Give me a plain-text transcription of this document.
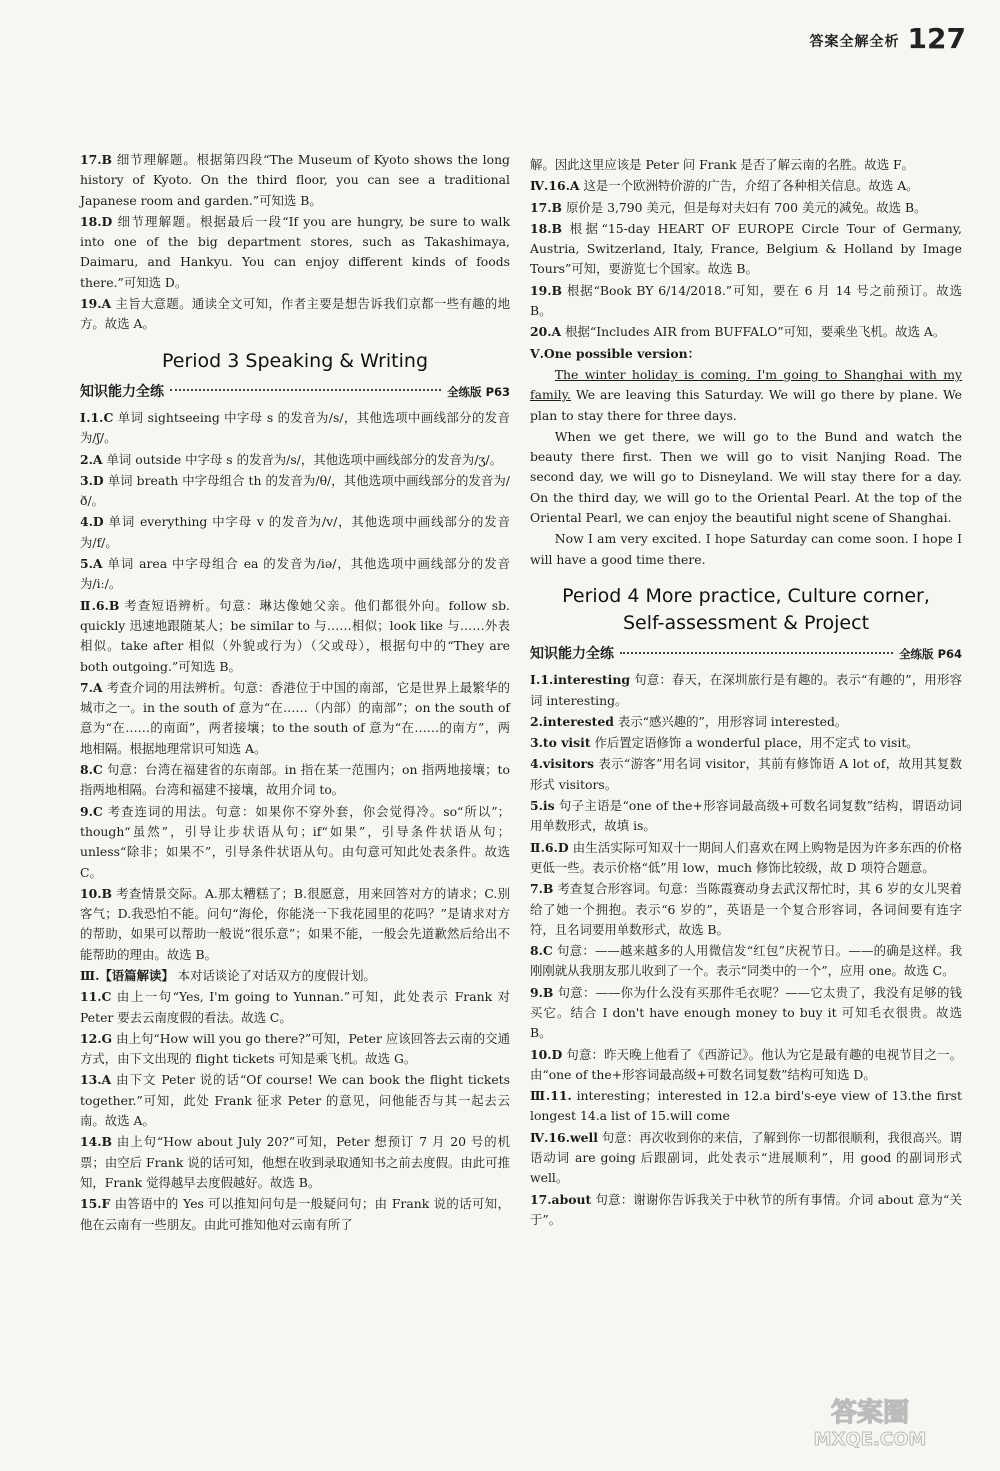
答案全解全析 127

17.B 细节理解题。根据第四段“The Museum of Kyoto shows the long history of Kyoto. On the third floor, you can see a traditional Japanese room and garden.”可知选 B。

18.D 细节理解题。根据最后一段“If you are hungry, be sure to walk into one of the big department stores, such as Takashimaya, Daimaru, and Hankyu. You can enjoy different kinds of foods there.”可知选 D。

19.A 主旨大意题。通读全文可知，作者主要是想告诉我们京都一些有趣的地方。故选 A。

Period 3 Speaking & Writing
知识能力全练	全练版 P63

Ⅰ.1.C 单词 sightseeing 中字母 s 的发音为/s/，其他选项中画线部分的发音为/ʃ/。

2.A 单词 outside 中字母 s 的发音为/s/，其他选项中画线部分的发音为/ʒ/。

3.D 单词 breath 中字母组合 th 的发音为/θ/，其他选项中画线部分的发音为/ð/。

4.D 单词 everything 中字母 v 的发音为/v/，其他选项中画线部分的发音为/f/。

5.A 单词 area 中字母组合 ea 的发音为/iə/，其他选项中画线部分的发音为/iː/。

Ⅱ.6.B 考查短语辨析。句意：琳达像她父亲。他们都很外向。follow sb. quickly 迅速地跟随某人；be similar to 与……相似；look like 与……外表相似。take after 相似（外貌或行为）（父或母），根据句中的“They are both outgoing.”可知选 B。

7.A 考查介词的用法辨析。句意：香港位于中国的南部，它是世界上最繁华的城市之一。in the south of 意为“在……（内部）的南部”；on the south of 意为“在……的南面”，两者接壤；to the south of 意为“在……的南方”，两地相隔。根据地理常识可知选 A。

8.C 句意：台湾在福建省的东南部。in 指在某一范围内；on 指两地接壤；to 指两地相隔。台湾和福建不接壤，故用介词 to。

9.C 考查连词的用法。句意：如果你不穿外套，你会觉得冷。so“所以”；though“虽然”，引导让步状语从句；if“如果”，引导条件状语从句；unless“除非；如果不”，引导条件状语从句。由句意可知此处表条件。故选 C。

10.B 考查情景交际。A.那太糟糕了；B.很愿意，用来回答对方的请求；C.别客气；D.我恐怕不能。问句“海伦，你能浇一下我花园里的花吗？”是请求对方的帮助，如果可以帮助一般说“很乐意”；如果不能，一般会先道歉然后给出不能帮助的理由。故选 B。

Ⅲ.【语篇解读】 本对话谈论了对话双方的度假计划。

11.C 由上一句“Yes, I'm going to Yunnan.”可知，此处表示 Frank 对 Peter 要去云南度假的看法。故选 C。

12.G 由上句“How will you go there?”可知，Peter 应该回答去云南的交通方式，由下文出现的 flight tickets 可知是乘飞机。故选 G。

13.A 由下文 Peter 说的话“Of course! We can book the flight tickets together.”可知，此处 Frank 征求 Peter 的意见，问他能否与其一起去云南。故选 A。

14.B 由上句“How about July 20?”可知，Peter 想预订 7 月 20 号的机票；由空后 Frank 说的话可知，他想在收到录取通知书之前去度假。由此可推知，Frank 觉得越早去度假越好。故选 B。

15.F 由答语中的 Yes 可以推知问句是一般疑问句；由 Frank 说的话可知，他在云南有一些朋友。由此可推知他对云南有所了

解。因此这里应该是 Peter 问 Frank 是否了解云南的名胜。故选 F。

Ⅳ.16.A 这是一个欧洲特价游的广告，介绍了各种相关信息。故选 A。

17.B 原价是 3,790 美元，但是每对夫妇有 700 美元的减免。故选 B。

18.B 根据“15-day HEART OF EUROPE Circle Tour of Germany, Austria, Switzerland, Italy, France, Belgium & Holland by Image Tours”可知，要游览七个国家。故选 B。

19.B 根据“Book BY 6/14/2018.”可知，要在 6 月 14 号之前预订。故选 B。

20.A 根据“Includes AIR from BUFFALO”可知，要乘坐飞机。故选 A。

Ⅴ.One possible version：

The winter holiday is coming. I'm going to Shanghai with my family. We are leaving this Saturday. We will go there by plane. We plan to stay there for three days.

When we get there, we will go to the Bund and watch the beauty there first. Then we will go to visit Nanjing Road. The second day, we will go to Disneyland. We will stay there for a day. On the third day, we will go to the Oriental Pearl. At the top of the Oriental Pearl, we can enjoy the beautiful night scene of Shanghai.

Now I am very excited. I hope Saturday can come soon. I hope I will have a good time there.

Period 4 More practice, Culture corner,
Self-assessment & Project
知识能力全练	全练版 P64

Ⅰ.1.interesting 句意：春天，在深圳旅行是有趣的。表示“有趣的”，用形容词 interesting。

2.interested 表示“感兴趣的”，用形容词 interested。

3.to visit 作后置定语修饰 a wonderful place，用不定式 to visit。

4.visitors 表示“游客”用名词 visitor，其前有修饰语 A lot of，故用其复数形式 visitors。

5.is 句子主语是“one of the+形容词最高级+可数名词复数”结构，谓语动词用单数形式，故填 is。

Ⅱ.6.D 由生活实际可知双十一期间人们喜欢在网上购物是因为许多东西的价格更低一些。表示价格“低”用 low，much 修饰比较级，故 D 项符合题意。

7.B 考查复合形容词。句意：当陈霞赛动身去武汉帮忙时，其 6 岁的女儿哭着给了她一个拥抱。表示“6 岁的”，英语是一个复合形容词，各词间要有连字符，且名词要用单数形式，故选 B。

8.C 句意：——越来越多的人用微信发“红包”庆祝节日。——的确是这样。我刚刚就从我朋友那儿收到了一个。表示“同类中的一个”，应用 one。故选 C。

9.B 句意：——你为什么没有买那件毛衣呢？——它太贵了，我没有足够的钱买它。结合 I don't have enough money to buy it 可知毛衣很贵。故选 B。

10.D 句意：昨天晚上他看了《西游记》。他认为它是最有趣的电视节目之一。由“one of the+形容词最高级+可数名词复数”结构可知选 D。

Ⅲ.11. interesting；interested in 12.a bird's-eye view of 13.the first longest 14.a list of 15.will come

Ⅳ.16.well 句意：再次收到你的来信，了解到你一切都很顺利，我很高兴。谓语动词 are going 后跟副词，此处表示“进展顺利”，用 good 的副词形式 well。

17.about 句意：谢谢你告诉我关于中秋节的所有事情。介词 about 意为“关于”。

答案圈
MXQE.COM
